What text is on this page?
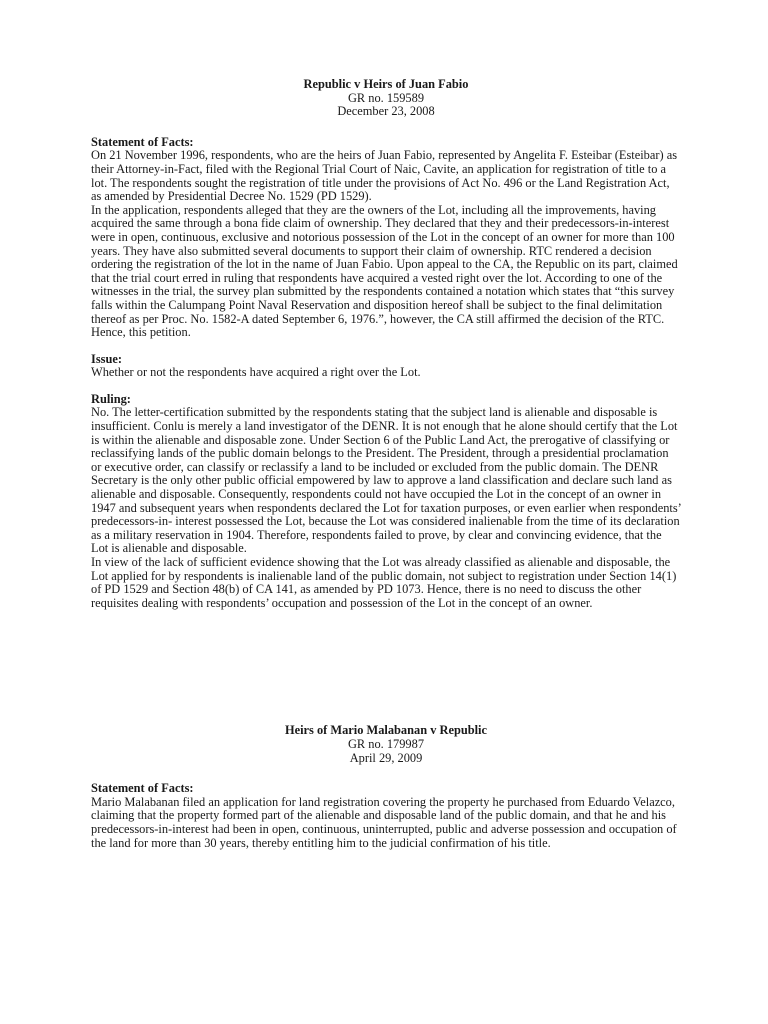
Republic v Heirs of Juan Fabio
GR no. 159589
December 23, 2008
Statement of Facts:

On 21 November 1996, respondents, who are the heirs of Juan Fabio, represented by Angelita F. Esteibar (Esteibar) as their Attorney-in-Fact, filed with the Regional Trial Court of Naic, Cavite, an application for registration of title to a lot. The respondents sought the registration of title under the provisions of Act No. 496 or the Land Registration Act, as amended by Presidential Decree No. 1529 (PD 1529).

In the application, respondents alleged that they are the owners of the Lot, including all the improvements, having acquired the same through a bona fide claim of ownership. They declared that they and their predecessors-in-interest were in open, continuous, exclusive and notorious possession of the Lot in the concept of an owner for more than 100 years. They have also submitted several documents to support their claim of ownership. RTC rendered a decision ordering the registration of the lot in the name of Juan Fabio. Upon appeal to the CA, the Republic on its part, claimed that the trial court erred in ruling that respondents have acquired a vested right over the lot. According to one of the witnesses in the trial, the survey plan submitted by the respondents contained a notation which states that “this survey falls within the Calumpang Point Naval Reservation and disposition hereof shall be subject to the final delimitation thereof as per Proc. No. 1582-A dated September 6, 1976.”, however, the CA still affirmed the decision of the RTC. Hence, this petition.

Issue:

Whether or not the respondents have acquired a right over the Lot.

Ruling:

No. The letter-certification submitted by the respondents stating that the subject land is alienable and disposable is insufficient. Conlu is merely a land investigator of the DENR. It is not enough that he alone should certify that the Lot is within the alienable and disposable zone. Under Section 6 of the Public Land Act, the prerogative of classifying or reclassifying lands of the public domain belongs to the President. The President, through a presidential proclamation or executive order, can classify or reclassify a land to be included or excluded from the public domain. The DENR Secretary is the only other public official empowered by law to approve a land classification and declare such land as alienable and disposable. Consequently, respondents could not have occupied the Lot in the concept of an owner in 1947 and subsequent years when respondents declared the Lot for taxation purposes, or even earlier when respondents’ predecessors-in- interest possessed the Lot, because the Lot was considered inalienable from the time of its declaration as a military reservation in 1904. Therefore, respondents failed to prove, by clear and convincing evidence, that the Lot is alienable and disposable.

In view of the lack of sufficient evidence showing that the Lot was already classified as alienable and disposable, the Lot applied for by respondents is inalienable land of the public domain, not subject to registration under Section 14(1) of PD 1529 and Section 48(b) of CA 141, as amended by PD 1073. Hence, there is no need to discuss the other requisites dealing with respondents’ occupation and possession of the Lot in the concept of an owner.

Heirs of Mario Malabanan v Republic
GR no. 179987
April 29, 2009
Statement of Facts:

Mario Malabanan filed an application for land registration covering the property he purchased from Eduardo Velazco, claiming that the property formed part of the alienable and disposable land of the public domain, and that he and his predecessors-in-interest had been in open, continuous, uninterrupted, public and adverse possession and occupation of the land for more than 30 years, thereby entitling him to the judicial confirmation of his title.
